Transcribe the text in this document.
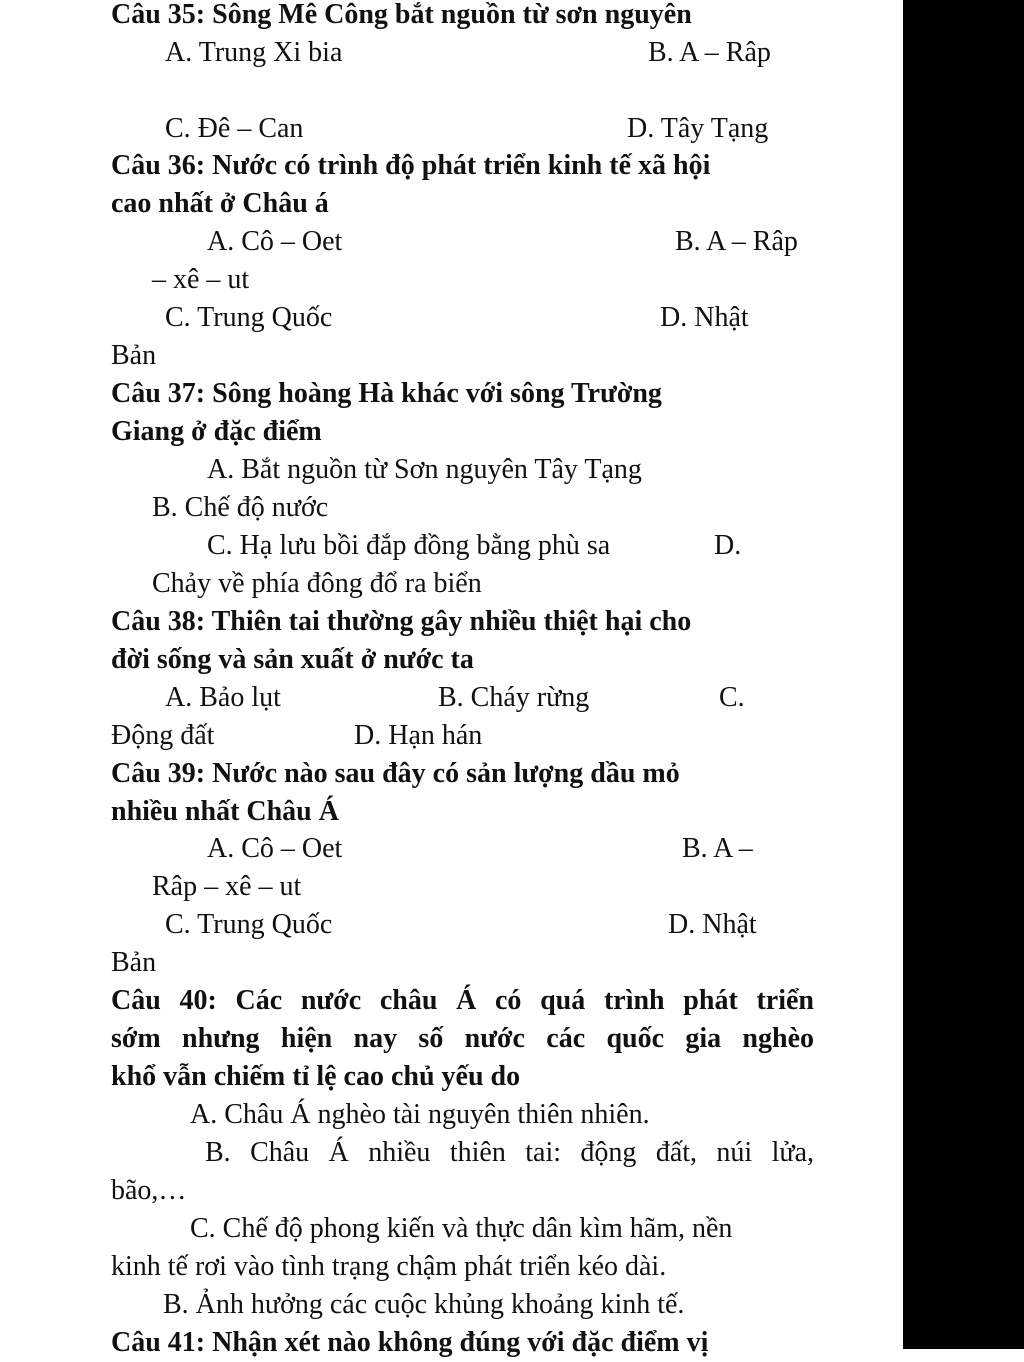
Câu 35: Sông Mê Công bắt nguồn từ sơn nguyên
A. Trung Xi bia	B. A – Râp
C. Đê – Can	D. Tây Tạng
Câu 36: Nước có trình độ phát triển kinh tế xã hội
cao nhất ở Châu á
A. Cô – Oet	B. A – Râp
– xê – ut
C. Trung Quốc	D. Nhật
Bản
Câu 37: Sông hoàng Hà khác với sông Trường
Giang ở đặc điểm
A. Bắt nguồn từ Sơn nguyên Tây Tạng
B. Chế độ nước
C. Hạ lưu bồi đắp đồng bằng phù sa	D.
Chảy về phía đông đổ ra biển
Câu 38: Thiên tai thường gây nhiều thiệt hại cho
đời sống và sản xuất ở nước ta
A. Bảo lụt	B. Cháy rừng	C.
Động đất	D. Hạn hán
Câu 39: Nước nào sau đây có sản lượng dầu mỏ
nhiều nhất Châu Á
A. Cô – Oet	B. A –
Râp – xê – ut
C. Trung Quốc	D. Nhật
Bản
Câu 40: Các nước châu Á có quá trình phát triển
sớm nhưng hiện nay số nước các quốc gia nghèo
khổ vẫn chiếm tỉ lệ cao chủ yếu do
A. Châu Á nghèo tài nguyên thiên nhiên.
B. Châu Á nhiều thiên tai: động đất, núi lửa,
bão,…
C. Chế độ phong kiến và thực dân kìm hãm, nền
kinh tế rơi vào tình trạng chậm phát triển kéo dài.
B. Ảnh hưởng các cuộc khủng khoảng kinh tế.
Câu 41: Nhận xét nào không đúng với đặc điểm vị
